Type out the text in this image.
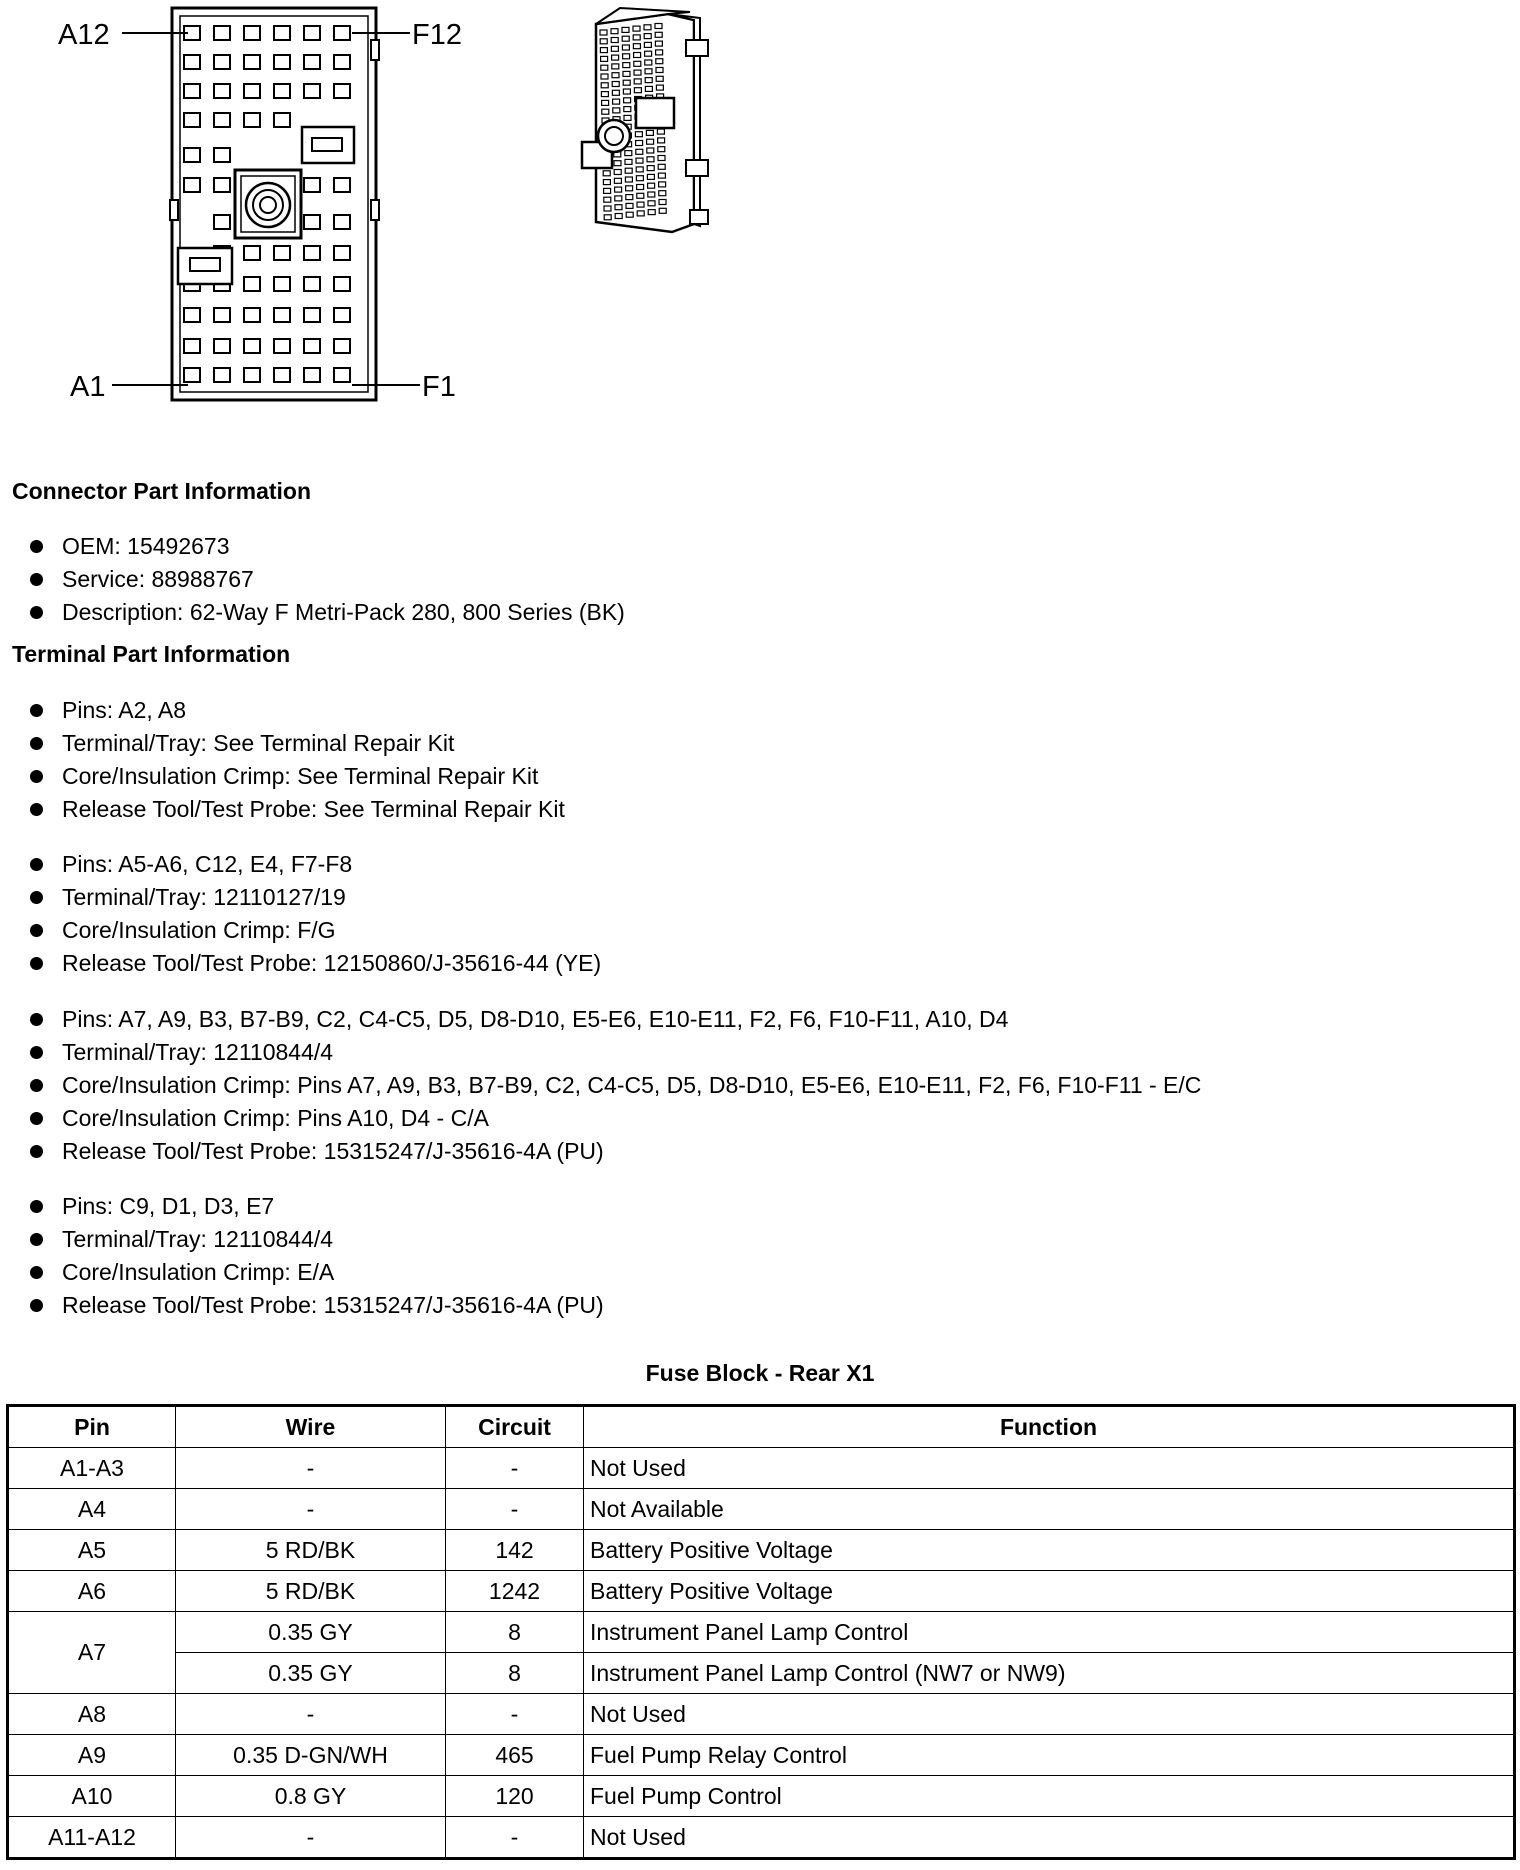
A12	F12
A1	F1
Connector Part Information
OEM: 15492673
Service: 88988767
Description: 62-Way F Metri-Pack 280, 800 Series (BK)
Terminal Part Information
Pins: A2, A8
Terminal/Tray: See Terminal Repair Kit
Core/Insulation Crimp: See Terminal Repair Kit
Release Tool/Test Probe: See Terminal Repair Kit
Pins: A5-A6, C12, E4, F7-F8
Terminal/Tray: 12110127/19
Core/Insulation Crimp: F/G
Release Tool/Test Probe: 12150860/J-35616-44 (YE)
Pins: A7, A9, B3, B7-B9, C2, C4-C5, D5, D8-D10, E5-E6, E10-E11, F2, F6, F10-F11, A10, D4
Terminal/Tray: 12110844/4
Core/Insulation Crimp: Pins A7, A9, B3, B7-B9, C2, C4-C5, D5, D8-D10, E5-E6, E10-E11, F2, F6, F10-F11 - E/C
Core/Insulation Crimp: Pins A10, D4 - C/A
Release Tool/Test Probe: 15315247/J-35616-4A (PU)
Pins: C9, D1, D3, E7
Terminal/Tray: 12110844/4
Core/Insulation Crimp: E/A
Release Tool/Test Probe: 15315247/J-35616-4A (PU)
Fuse Block - Rear X1
Pin	Wire	Circuit	Function
A1-A3	-	-	Not Used
A4	-	-	Not Available
A5	5 RD/BK	142	Battery Positive Voltage
A6	5 RD/BK	1242	Battery Positive Voltage
A7	0.35 GY	8	Instrument Panel Lamp Control
	0.35 GY	8	Instrument Panel Lamp Control (NW7 or NW9)
A8	-	-	Not Used
A9	0.35 D-GN/WH	465	Fuel Pump Relay Control
A10	0.8 GY	120	Fuel Pump Control
A11-A12	-	-	Not Used
